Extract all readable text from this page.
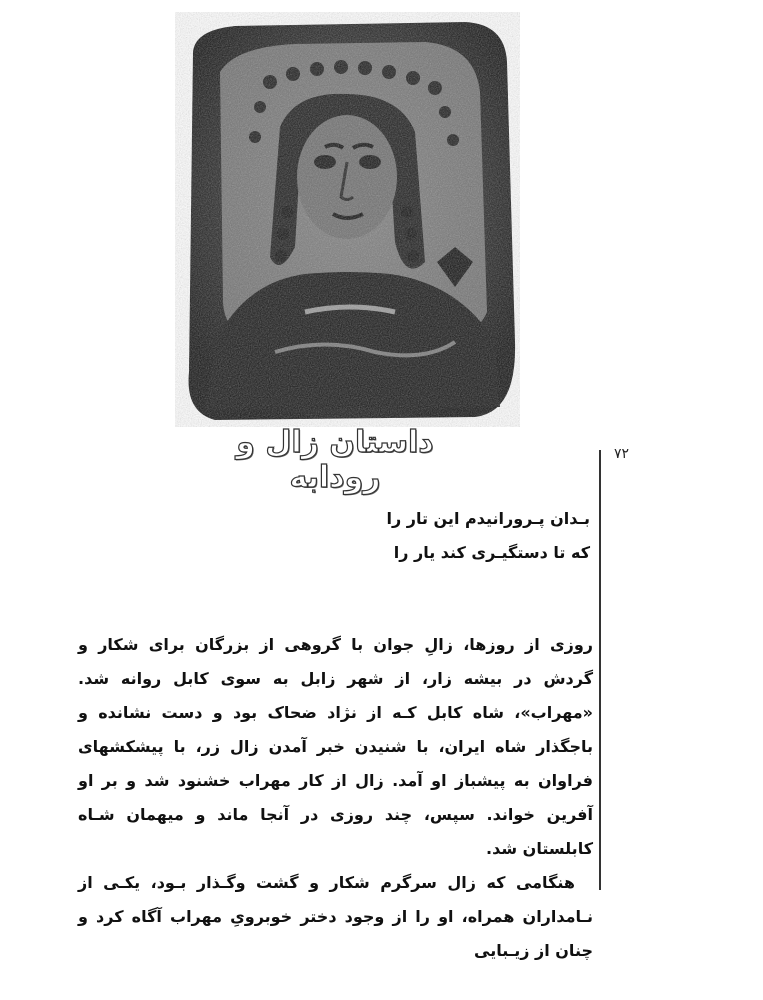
داستان زال و رودابه
۷۲
بـدان پـرورانیدم این تار را
که تا دستگیـری کند یار را

روزی از روزها، زالِ جوان با گروهی از بزرگان برای شکار و گردش در بیشه زار، از شهر زابل به سوی کابل روانه شد. «مهراب»، شاه کابل کـه از نژاد ضحاک بود و دست نشانده و باجگذار شاه ایران، با شنیدن خبر آمدن زال زر، با پیشکشهای فراوان به پیشباز او آمد. زال از کار مهراب خشنود شد و بر او آفرین خواند. سپس، چند روزی در آنجا ماند و میهمان شـاه کابلستان شد.

هنگامی که زال سرگرم شکار و گشت وگـذار بـود، یکـی از نـامداران همراه، او را از وجود دختر خوبرویِ مهراب آگاه کرد و چنان از زیـبایی
